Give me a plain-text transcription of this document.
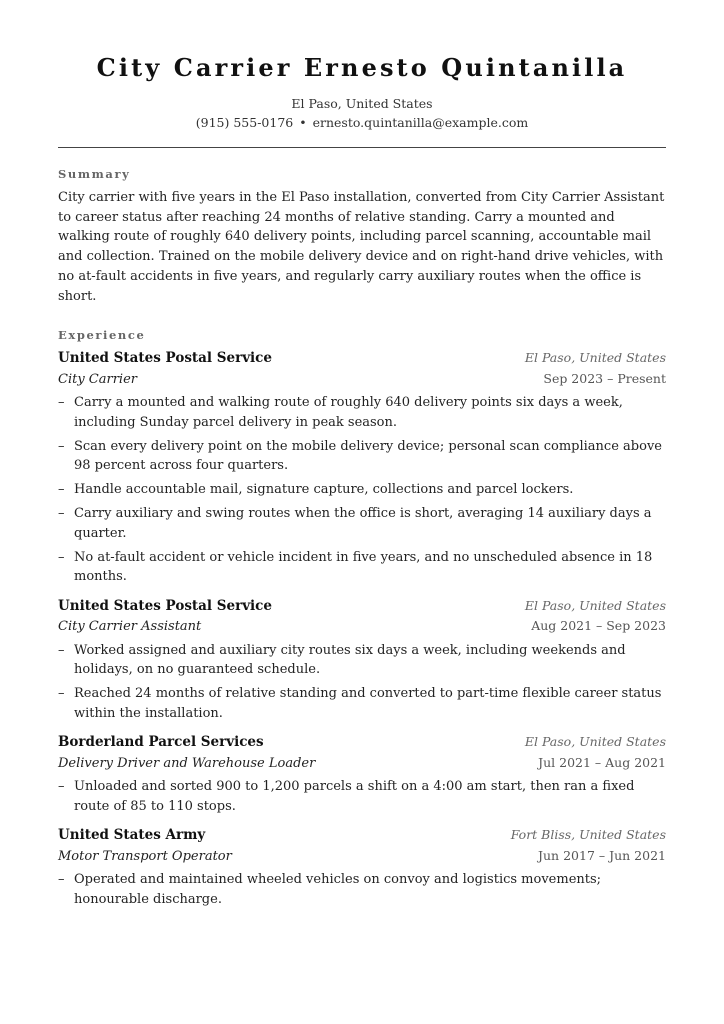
City Carrier Ernesto Quintanilla
El Paso, United States
(915) 555-0176 • ernesto.quintanilla@example.com
Summary

City carrier with five years in the El Paso installation, converted from City Carrier Assistant to career status after reaching 24 months of relative standing. Carry a mounted and walking route of roughly 640 delivery points, including parcel scanning, accountable mail and collection. Trained on the mobile delivery device and on right-hand drive vehicles, with no at-fault accidents in five years, and regularly carry auxiliary routes when the office is short.

Experience
United States Postal Service	El Paso, United States
City Carrier	Sep 2023 – Present
– Carry a mounted and walking route of roughly 640 delivery points six days a week, including Sunday parcel delivery in peak season.
– Scan every delivery point on the mobile delivery device; personal scan compliance above 98 percent across four quarters.
– Handle accountable mail, signature capture, collections and parcel lockers.
– Carry auxiliary and swing routes when the office is short, averaging 14 auxiliary days a quarter.
– No at-fault accident or vehicle incident in five years, and no unscheduled absence in 18 months.
United States Postal Service	El Paso, United States
City Carrier Assistant	Aug 2021 – Sep 2023
– Worked assigned and auxiliary city routes six days a week, including weekends and holidays, on no guaranteed schedule.
– Reached 24 months of relative standing and converted to part-time flexible career status within the installation.
Borderland Parcel Services	El Paso, United States
Delivery Driver and Warehouse Loader	Jul 2021 – Aug 2021
– Unloaded and sorted 900 to 1,200 parcels a shift on a 4:00 am start, then ran a fixed route of 85 to 110 stops.
United States Army	Fort Bliss, United States
Motor Transport Operator	Jun 2017 – Jun 2021
– Operated and maintained wheeled vehicles on convoy and logistics movements; honourable discharge.
